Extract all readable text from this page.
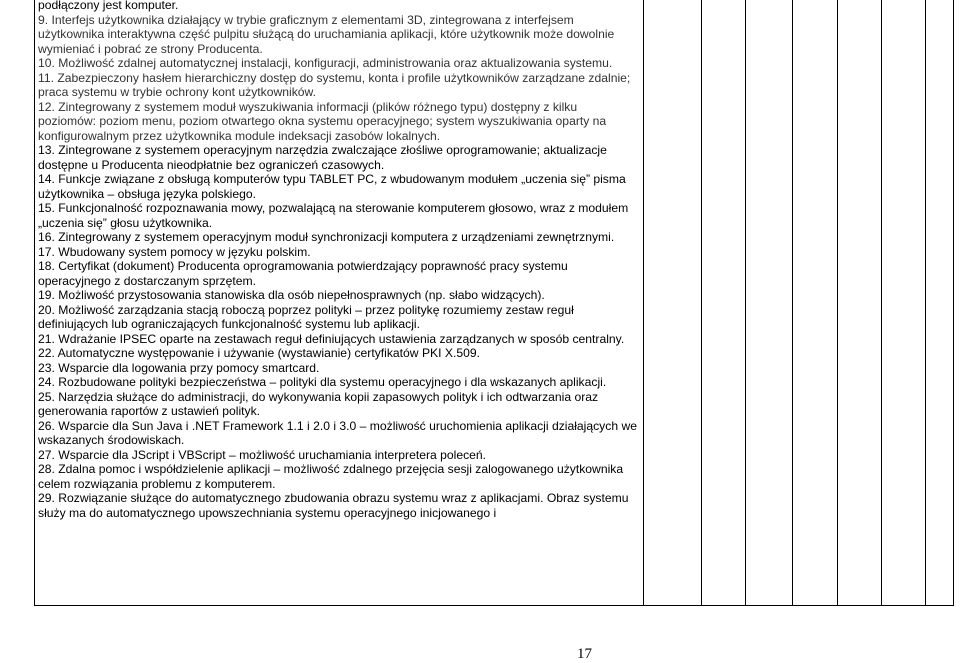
podłączony jest komputer.

9. Interfejs użytkownika działający w trybie graficznym z elementami 3D, zintegrowana z interfejsem użytkownika interaktywna część pulpitu służącą do uruchamiania aplikacji, które użytkownik może dowolnie wymieniać i pobrać ze strony Producenta.

10. Możliwość zdalnej automatycznej instalacji, konfiguracji, administrowania oraz aktualizowania systemu.

11. Zabezpieczony hasłem hierarchiczny dostęp do systemu, konta i profile użytkowników zarządzane zdalnie; praca systemu w trybie ochrony kont użytkowników.

12. Zintegrowany z systemem moduł wyszukiwania informacji (plików różnego typu) dostępny z kilku poziomów: poziom menu, poziom otwartego okna systemu operacyjnego; system wyszukiwania oparty na konfigurowalnym przez użytkownika module indeksacji zasobów lokalnych.

13. Zintegrowane z systemem operacyjnym narzędzia zwalczające złośliwe oprogramowanie; aktualizacje dostępne u Producenta nieodpłatnie bez ograniczeń czasowych.

14. Funkcje związane z obsługą komputerów typu TABLET PC, z wbudowanym modułem „uczenia się” pisma użytkownika – obsługa języka polskiego.

15. Funkcjonalność rozpoznawania mowy, pozwalającą na sterowanie komputerem głosowo, wraz z modułem „uczenia się” głosu użytkownika.

16. Zintegrowany z systemem operacyjnym moduł synchronizacji komputera z urządzeniami zewnętrznymi.

17. Wbudowany system pomocy w języku polskim.

18. Certyfikat (dokument) Producenta oprogramowania potwierdzający poprawność pracy systemu operacyjnego z dostarczanym sprzętem.

19. Możliwość przystosowania stanowiska dla osób niepełnosprawnych (np. słabo widzących).

20. Możliwość zarządzania stacją roboczą poprzez polityki – przez politykę rozumiemy zestaw reguł definiujących lub ograniczających funkcjonalność systemu lub aplikacji.

21. Wdrażanie IPSEC oparte na zestawach reguł definiujących ustawienia zarządzanych w sposób centralny.

22. Automatyczne występowanie i używanie (wystawianie) certyfikatów PKI X.509.

23. Wsparcie dla logowania przy pomocy smartcard.

24. Rozbudowane polityki bezpieczeństwa – polityki dla systemu operacyjnego i dla wskazanych aplikacji.

25. Narzędzia służące do administracji, do wykonywania kopii zapasowych polityk i ich odtwarzania oraz generowania raportów z ustawień polityk.

26. Wsparcie dla Sun Java i .NET Framework 1.1 i 2.0 i 3.0 – możliwość uruchomienia aplikacji działających we wskazanych środowiskach.

27. Wsparcie dla JScript i VBScript – możliwość uruchamiania interpretera poleceń.

28. Zdalna pomoc i współdzielenie aplikacji – możliwość zdalnego przejęcia sesji zalogowanego użytkownika celem rozwiązania problemu z komputerem.

29. Rozwiązanie służące do automatycznego zbudowania obrazu systemu wraz z aplikacjami. Obraz systemu służy ma do automatycznego upowszechniania systemu operacyjnego inicjowanego i

17
